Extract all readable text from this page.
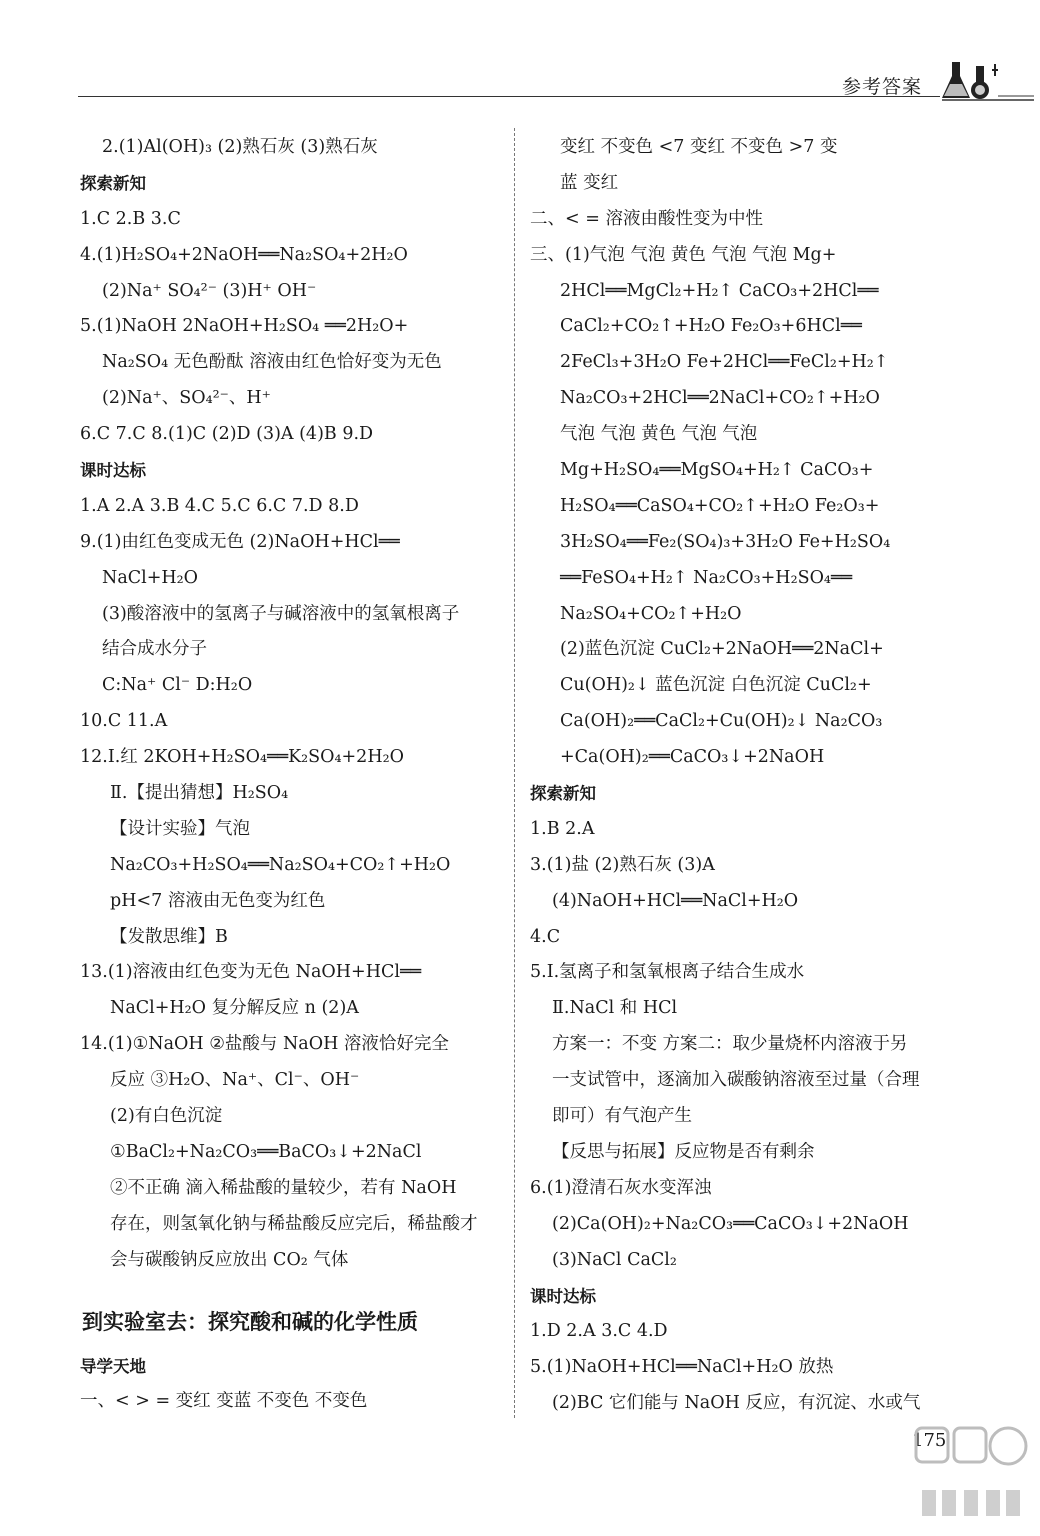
参考答案
2.(1)Al(OH)₃ (2)熟石灰 (3)熟石灰
探索新知
1.C 2.B 3.C
4.(1)H₂SO₄+2NaOH══Na₂SO₄+2H₂O
(2)Na⁺ SO₄²⁻ (3)H⁺ OH⁻
5.(1)NaOH 2NaOH+H₂SO₄ ══2H₂O+
Na₂SO₄ 无色酚酞 溶液由红色恰好变为无色
(2)Na⁺、SO₄²⁻、H⁺
6.C 7.C 8.(1)C (2)D (3)A (4)B 9.D
课时达标
1.A 2.A 3.B 4.C 5.C 6.C 7.D 8.D
9.(1)由红色变成无色 (2)NaOH+HCl══
NaCl+H₂O
(3)酸溶液中的氢离子与碱溶液中的氢氧根离子
结合成水分子
C:Na⁺ Cl⁻ D:H₂O
10.C 11.A
12.Ⅰ.红 2KOH+H₂SO₄══K₂SO₄+2H₂O
Ⅱ.【提出猜想】H₂SO₄
【设计实验】气泡
Na₂CO₃+H₂SO₄══Na₂SO₄+CO₂↑+H₂O
pH<7 溶液由无色变为红色
【发散思维】B
13.(1)溶液由红色变为无色 NaOH+HCl══
NaCl+H₂O 复分解反应 n (2)A
14.(1)①NaOH ②盐酸与 NaOH 溶液恰好完全
反应 ③H₂O、Na⁺、Cl⁻、OH⁻
(2)有白色沉淀
①BaCl₂+Na₂CO₃══BaCO₃↓+2NaCl
②不正确 滴入稀盐酸的量较少，若有 NaOH
存在，则氢氧化钠与稀盐酸反应完后，稀盐酸才
会与碳酸钠反应放出 CO₂ 气体
到实验室去：探究酸和碱的化学性质
导学天地
一、< > = 变红 变蓝 不变色 不变色
变红 不变色 <7 变红 不变色 >7 变
蓝 变红
二、< = 溶液由酸性变为中性
三、(1)气泡 气泡 黄色 气泡 气泡 Mg+
2HCl══MgCl₂+H₂↑ CaCO₃+2HCl══
CaCl₂+CO₂↑+H₂O Fe₂O₃+6HCl══
2FeCl₃+3H₂O Fe+2HCl══FeCl₂+H₂↑
Na₂CO₃+2HCl══2NaCl+CO₂↑+H₂O
气泡 气泡 黄色 气泡 气泡
Mg+H₂SO₄══MgSO₄+H₂↑ CaCO₃+
H₂SO₄══CaSO₄+CO₂↑+H₂O Fe₂O₃+
3H₂SO₄══Fe₂(SO₄)₃+3H₂O Fe+H₂SO₄
══FeSO₄+H₂↑ Na₂CO₃+H₂SO₄══
Na₂SO₄+CO₂↑+H₂O
(2)蓝色沉淀 CuCl₂+2NaOH══2NaCl+
Cu(OH)₂↓ 蓝色沉淀 白色沉淀 CuCl₂+
Ca(OH)₂══CaCl₂+Cu(OH)₂↓ Na₂CO₃
+Ca(OH)₂══CaCO₃↓+2NaOH
探索新知
1.B 2.A
3.(1)盐 (2)熟石灰 (3)A
(4)NaOH+HCl══NaCl+H₂O
4.C
5.Ⅰ.氢离子和氢氧根离子结合生成水
Ⅱ.NaCl 和 HCl
方案一：不变 方案二：取少量烧杯内溶液于另
一支试管中，逐滴加入碳酸钠溶液至过量（合理
即可）有气泡产生
【反思与拓展】反应物是否有剩余
6.(1)澄清石灰水变浑浊
(2)Ca(OH)₂+Na₂CO₃══CaCO₃↓+2NaOH
(3)NaCl CaCl₂
课时达标
1.D 2.A 3.C 4.D
5.(1)NaOH+HCl══NaCl+H₂O 放热
(2)BC 它们能与 NaOH 反应，有沉淀、水或气
175
